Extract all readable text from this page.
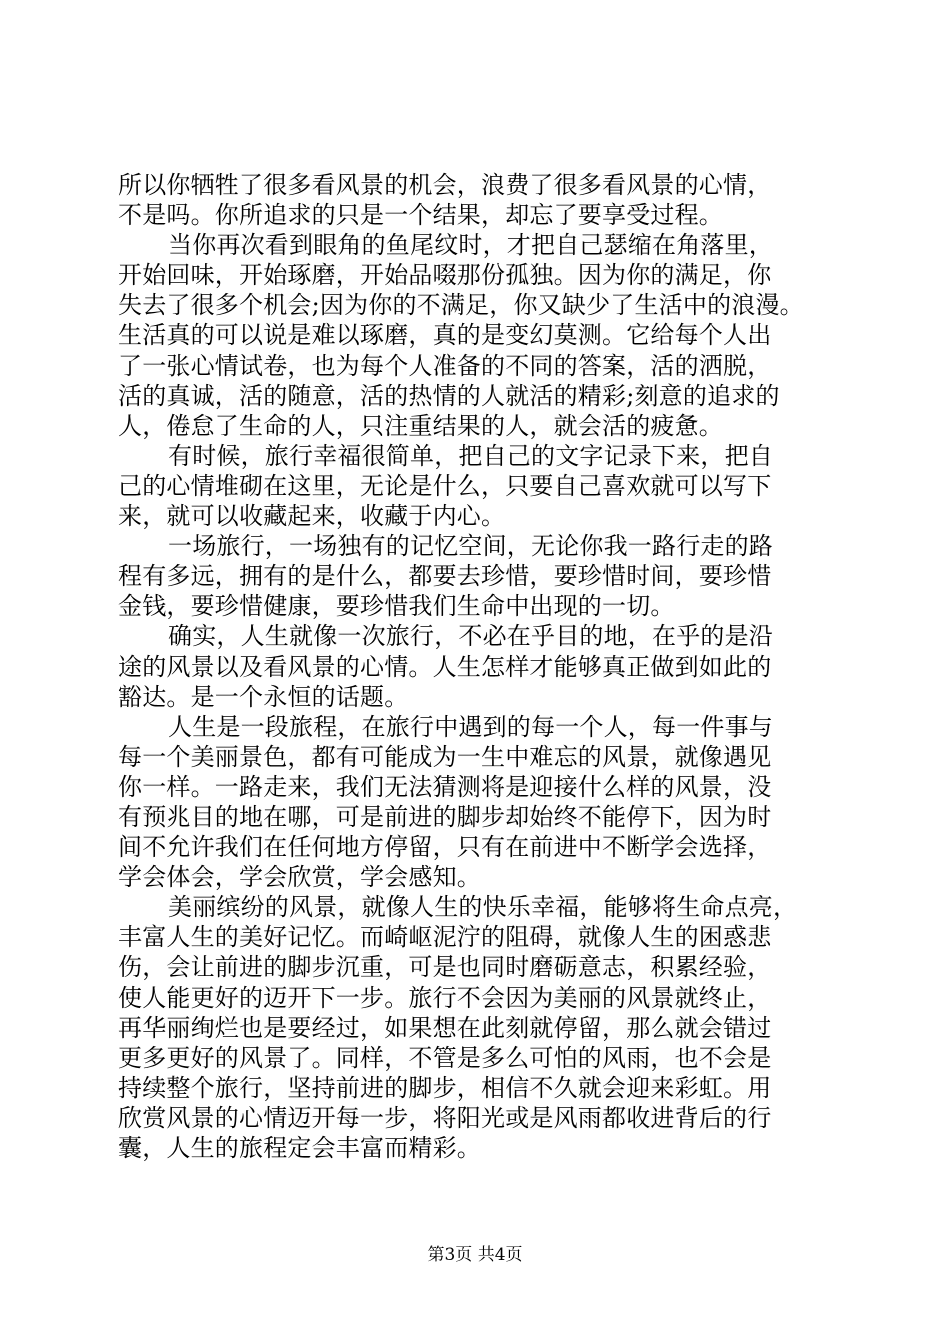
所以你牺牲了很多看风景的机会，浪费了很多看风景的心情，
不是吗。你所追求的只是一个结果，却忘了要享受过程。
当你再次看到眼角的鱼尾纹时，才把自己瑟缩在角落里，
开始回味，开始琢磨，开始品啜那份孤独。因为你的满足，你
失去了很多个机会;因为你的不满足，你又缺少了生活中的浪漫。
生活真的可以说是难以琢磨，真的是变幻莫测。它给每个人出
了一张心情试卷，也为每个人准备的不同的答案，活的洒脱，
活的真诚，活的随意，活的热情的人就活的精彩;刻意的追求的
人，倦怠了生命的人，只注重结果的人，就会活的疲惫。
有时候，旅行幸福很简单，把自己的文字记录下来，把自
己的心情堆砌在这里，无论是什么，只要自己喜欢就可以写下
来，就可以收藏起来，收藏于内心。
一场旅行，一场独有的记忆空间，无论你我一路行走的路
程有多远，拥有的是什么，都要去珍惜，要珍惜时间，要珍惜
金钱，要珍惜健康，要珍惜我们生命中出现的一切。
确实，人生就像一次旅行，不必在乎目的地，在乎的是沿
途的风景以及看风景的心情。人生怎样才能够真正做到如此的
豁达。是一个永恒的话题。
人生是一段旅程，在旅行中遇到的每一个人，每一件事与
每一个美丽景色，都有可能成为一生中难忘的风景，就像遇见
你一样。一路走来，我们无法猜测将是迎接什么样的风景，没
有预兆目的地在哪，可是前进的脚步却始终不能停下，因为时
间不允许我们在任何地方停留，只有在前进中不断学会选择，
学会体会，学会欣赏，学会感知。
美丽缤纷的风景，就像人生的快乐幸福，能够将生命点亮，
丰富人生的美好记忆。而崎岖泥泞的阻碍，就像人生的困惑悲
伤，会让前进的脚步沉重，可是也同时磨砺意志，积累经验，
使人能更好的迈开下一步。旅行不会因为美丽的风景就终止，
再华丽绚烂也是要经过，如果想在此刻就停留，那么就会错过
更多更好的风景了。同样，不管是多么可怕的风雨，也不会是
持续整个旅行，坚持前进的脚步，相信不久就会迎来彩虹。用
欣赏风景的心情迈开每一步，将阳光或是风雨都收进背后的行
囊，人生的旅程定会丰富而精彩。
第3页 共4页
